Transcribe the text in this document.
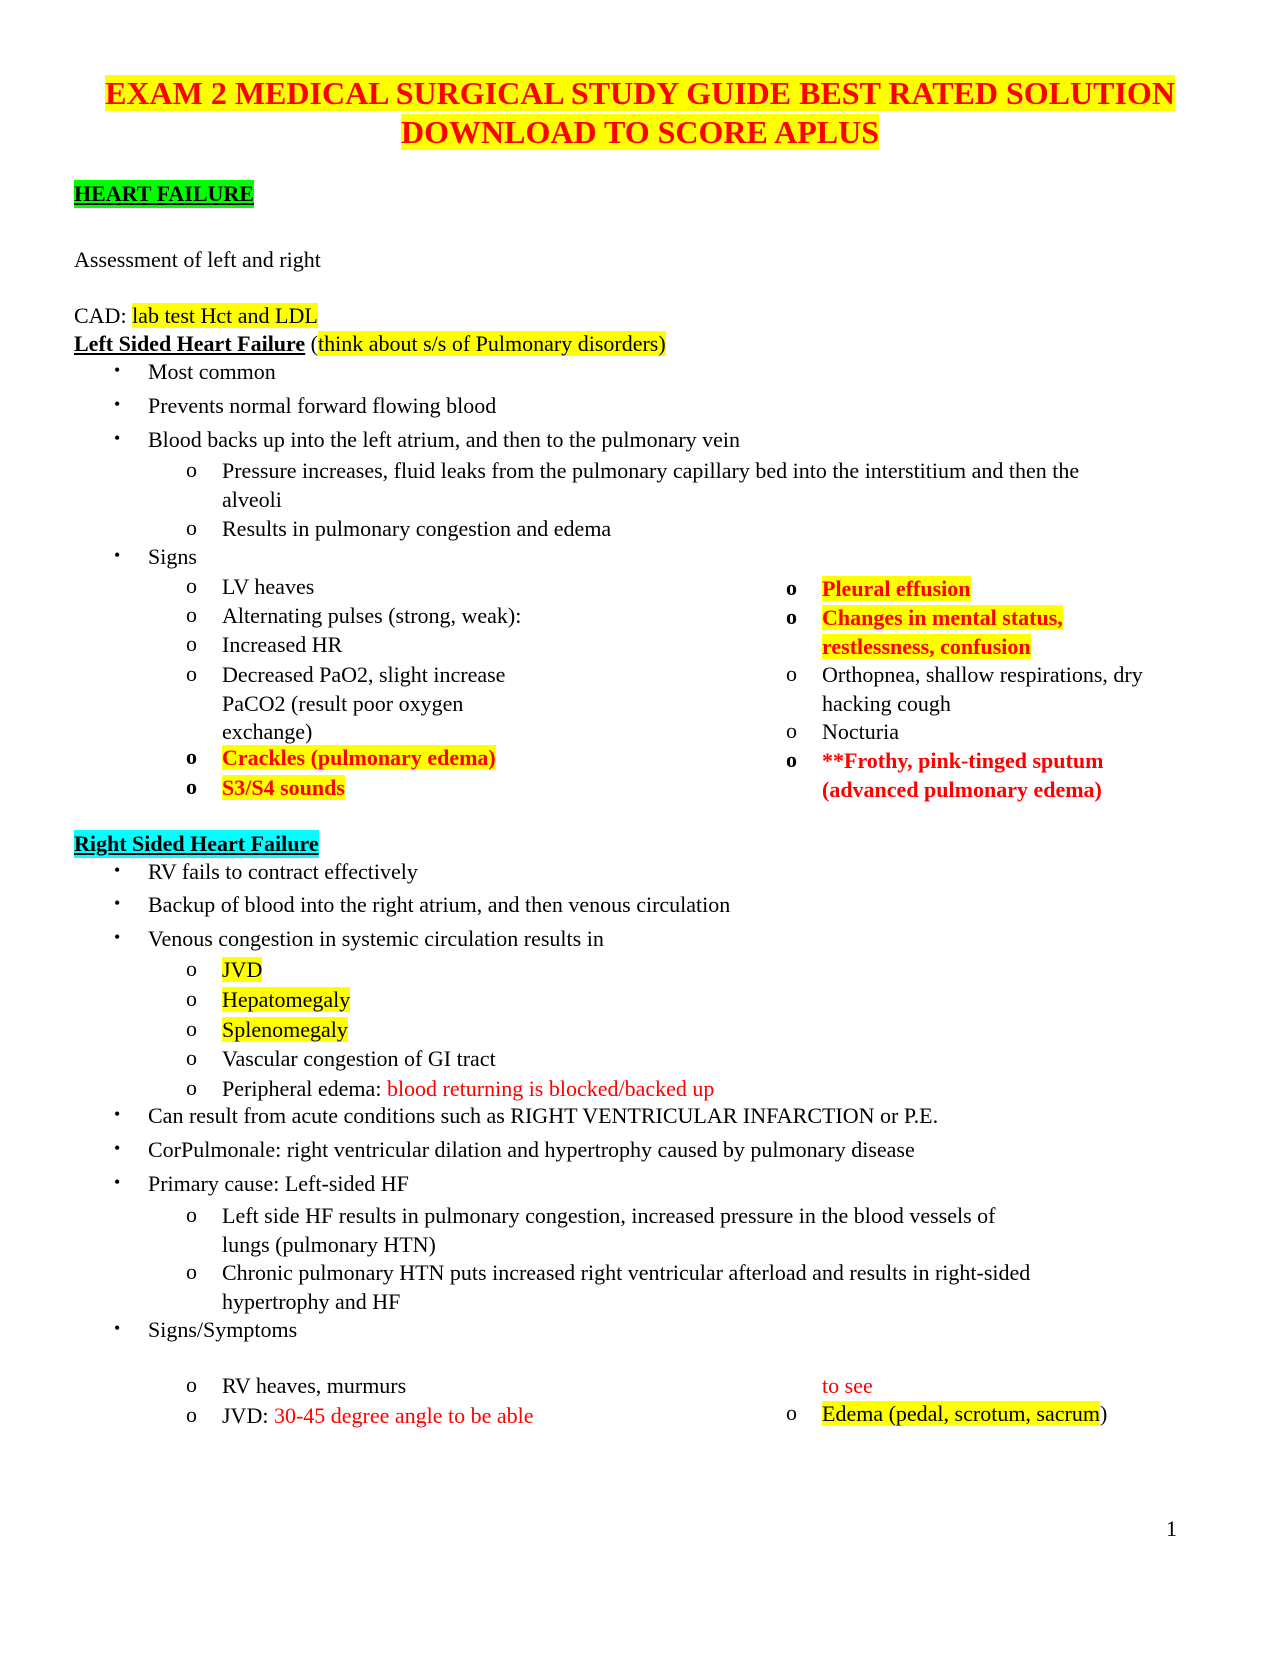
EXAM 2 MEDICAL SURGICAL STUDY GUIDE BEST RATED SOLUTION
DOWNLOAD TO SCORE APLUS
HEART FAILURE
Assessment of left and right
CAD: lab test Hct and LDL
Left Sided Heart Failure (think about s/s of Pulmonary disorders)
• Most common
• Prevents normal forward flowing blood
• Blood backs up into the left atrium, and then to the pulmonary vein
o Pressure increases, fluid leaks from the pulmonary capillary bed into the interstitium and then the
alveoli
o Results in pulmonary congestion and edema
• Signs
o LV heaves
o Alternating pulses (strong, weak):
o Increased HR
o Decreased PaO2, slight increase
PaCO2 (result poor oxygen
exchange)
o Crackles (pulmonary edema)
o S3/S4 sounds
o Pleural effusion
o Changes in mental status,
restlessness, confusion
o Orthopnea, shallow respirations, dry
hacking cough
o Nocturia
o **Frothy, pink-tinged sputum
(advanced pulmonary edema)
Right Sided Heart Failure
• RV fails to contract effectively
• Backup of blood into the right atrium, and then venous circulation
• Venous congestion in systemic circulation results in
o JVD
o Hepatomegaly
o Splenomegaly
o Vascular congestion of GI tract
o Peripheral edema: blood returning is blocked/backed up
• Can result from acute conditions such as RIGHT VENTRICULAR INFARCTION or P.E.
• CorPulmonale: right ventricular dilation and hypertrophy caused by pulmonary disease
• Primary cause: Left-sided HF
o Left side HF results in pulmonary congestion, increased pressure in the blood vessels of
lungs (pulmonary HTN)
o Chronic pulmonary HTN puts increased right ventricular afterload and results in right-sided
hypertrophy and HF
• Signs/Symptoms
o RV heaves, murmurs
o JVD: 30-45 degree angle to be able
to see
o Edema (pedal, scrotum, sacrum)
1
